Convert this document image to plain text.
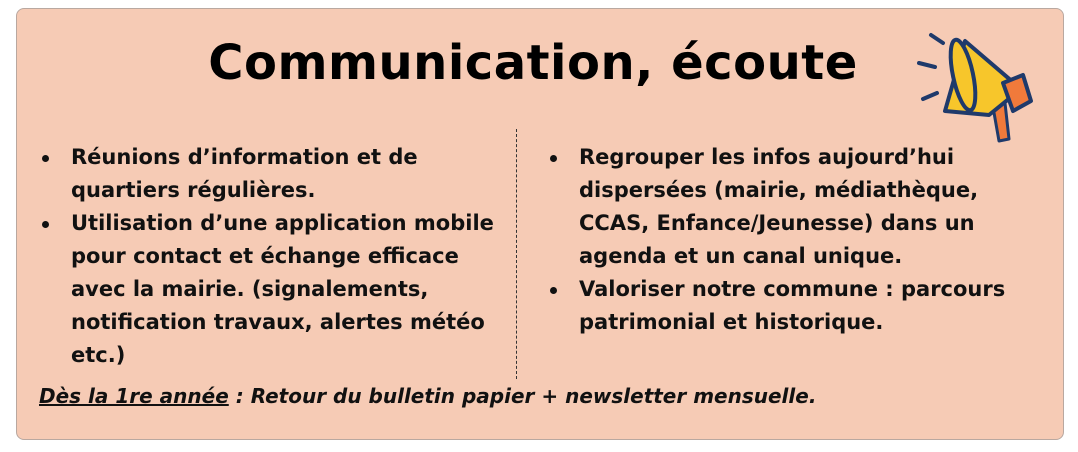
Communication, écoute
Réunions d’information et de quartiers régulières.
Utilisation d’une application mobile pour contact et échange efficace avec la mairie. (signalements, notification travaux, alertes météo etc.)
Regrouper les infos aujourd’hui dispersées (mairie, médiathèque, CCAS, Enfance/Jeunesse) dans un agenda et un canal unique.
Valoriser notre commune : parcours patrimonial et historique.

Dès la 1re année : Retour du bulletin papier + newsletter mensuelle.
